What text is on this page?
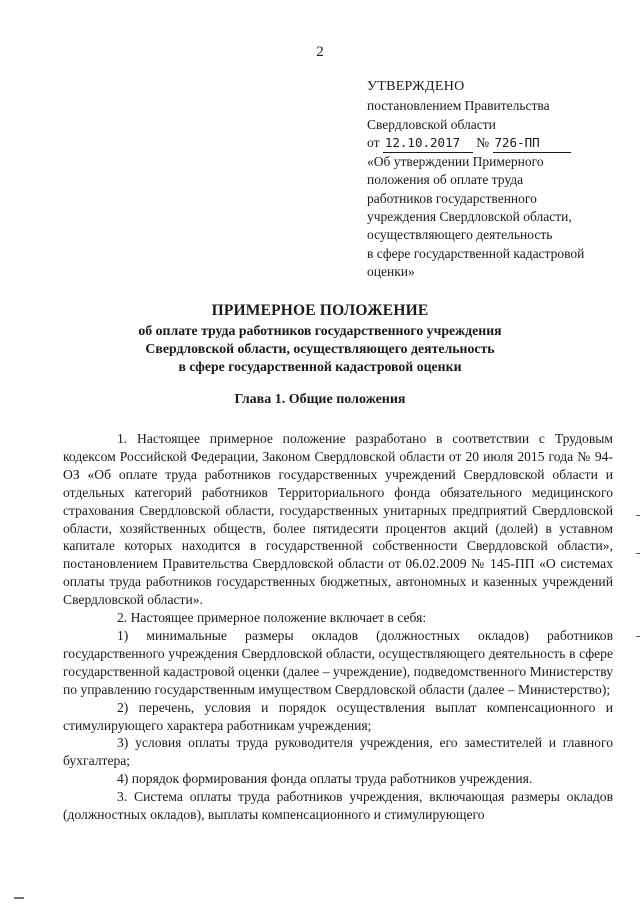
2
УТВЕРЖДЕНО
постановлением Правительства
Свердловской области
от 12.10.2017 № 726-ПП
«Об утверждении Примерного
положения об оплате труда
работников государственного
учреждения Свердловской области,
осуществляющего деятельность
в сфере государственной кадастровой
оценки»
ПРИМЕРНОЕ ПОЛОЖЕНИЕ
об оплате труда работников государственного учреждения
Свердловской области, осуществляющего деятельность
в сфере государственной кадастровой оценки
Глава 1. Общие положения

1. Настоящее примерное положение разработано в соответствии с Трудовым кодексом Российской Федерации, Законом Свердловской области от 20 июля 2015 года № 94-ОЗ «Об оплате труда работников государственных учреждений Свердловской области и отдельных категорий работников Территориального фонда обязательного медицинского страхования Свердловской области, государственных унитарных предприятий Свердловской области, хозяйственных обществ, более пятидесяти процентов акций (долей) в уставном капитале которых находится в государственной собственности Свердловской области», постановлением Правительства Свердловской области от 06.02.2009 № 145-ПП «О системах оплаты труда работников государственных бюджетных, автономных и казенных учреждений Свердловской области».

2. Настоящее примерное положение включает в себя:

1) минимальные размеры окладов (должностных окладов) работников государственного учреждения Свердловской области, осуществляющего деятельность в сфере государственной кадастровой оценки (далее – учреждение), подведомственного Министерству по управлению государственным имуществом Свердловской области (далее – Министерство);

2) перечень, условия и порядок осуществления выплат компенсационного и стимулирующего характера работникам учреждения;

3) условия оплаты труда руководителя учреждения, его заместителей и главного бухгалтера;

4) порядок формирования фонда оплаты труда работников учреждения.

3. Система оплаты труда работников учреждения, включающая размеры окладов (должностных окладов), выплаты компенсационного и стимулирующего
